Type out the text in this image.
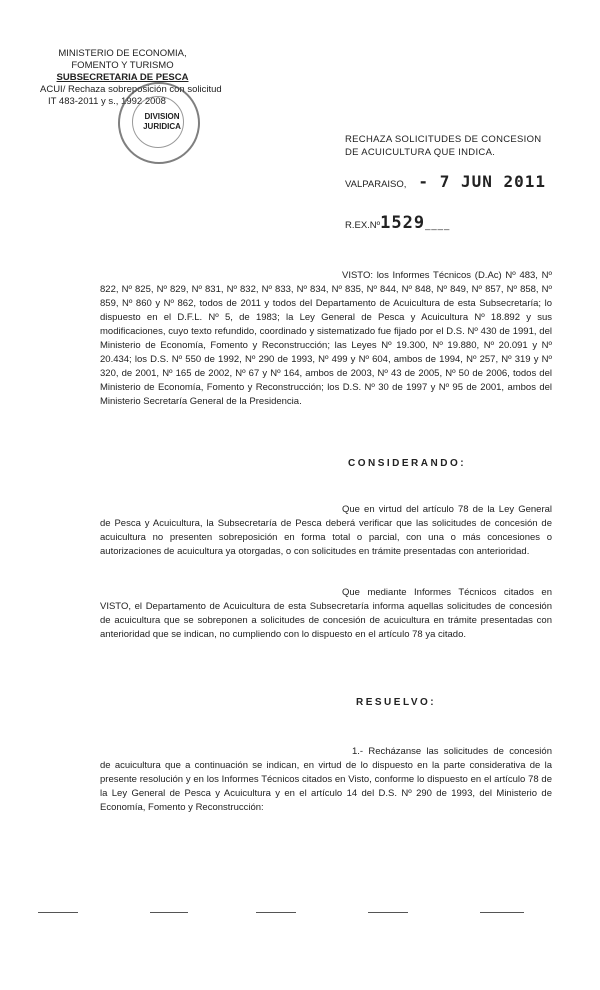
MINISTERIO DE ECONOMIA,
FOMENTO Y TURISMO
SUBSECRETARIA DE PESCA
ACUI/ Rechaza sobreposición con solicitud
IT 483-2011 y s., 1992 2008
DIVISION
JURIDICA
RECHAZA SOLICITUDES DE CONCESION DE ACUICULTURA QUE INDICA.
VALPARAISO, - 7 JUN 2011
R.EX.Nº1529____
VISTO: los Informes Técnicos (D.Ac) Nº 483, Nº 822, Nº 825, Nº 829, Nº 831, Nº 832, Nº 833, Nº 834, Nº 835, Nº 844, Nº 848, Nº 849, Nº 857, Nº 858, Nº 859, Nº 860 y Nº 862, todos de 2011 y todos del Departamento de Acuicultura de esta Subsecretaría; lo dispuesto en el D.F.L. Nº 5, de 1983; la Ley General de Pesca y Acuicultura Nº 18.892 y sus modificaciones, cuyo texto refundido, coordinado y sistematizado fue fijado por el D.S. Nº 430 de 1991, del Ministerio de Economía, Fomento y Reconstrucción; las Leyes Nº 19.300, Nº 19.880, Nº 20.091 y Nº 20.434; los D.S. Nº 550 de 1992, Nº 290 de 1993, Nº 499 y Nº 604, ambos de 1994, Nº 257, Nº 319 y Nº 320, de 2001, Nº 165 de 2002, Nº 67 y Nº 164, ambos de 2003, Nº 43 de 2005, Nº 50 de 2006, todos del Ministerio de Economía, Fomento y Reconstrucción; los D.S. Nº 30 de 1997 y Nº 95 de 2001, ambos del Ministerio Secretaría General de la Presidencia.
CONSIDERANDO:
Que en virtud del artículo 78 de la Ley General de Pesca y Acuicultura, la Subsecretaría de Pesca deberá verificar que las solicitudes de concesión de acuicultura no presenten sobreposición en forma total o parcial, con una o más concesiones o autorizaciones de acuicultura ya otorgadas, o con solicitudes en trámite presentadas con anterioridad.
Que mediante Informes Técnicos citados en VISTO, el Departamento de Acuicultura de esta Subsecretaría informa aquellas solicitudes de concesión de acuicultura que se sobreponen a solicitudes de concesión de acuicultura en trámite presentadas con anterioridad que se indican, no cumpliendo con lo dispuesto en el artículo 78 ya citado.
RESUELVO:
1.- Recházanse las solicitudes de concesión de acuicultura que a continuación se indican, en virtud de lo dispuesto en la parte considerativa de la presente resolución y en los Informes Técnicos citados en Visto, conforme lo dispuesto en el artículo 78 de la Ley General de Pesca y Acuicultura y en el artículo 14 del D.S. Nº 290 de 1993, del Ministerio de Economía, Fomento y Reconstrucción:
